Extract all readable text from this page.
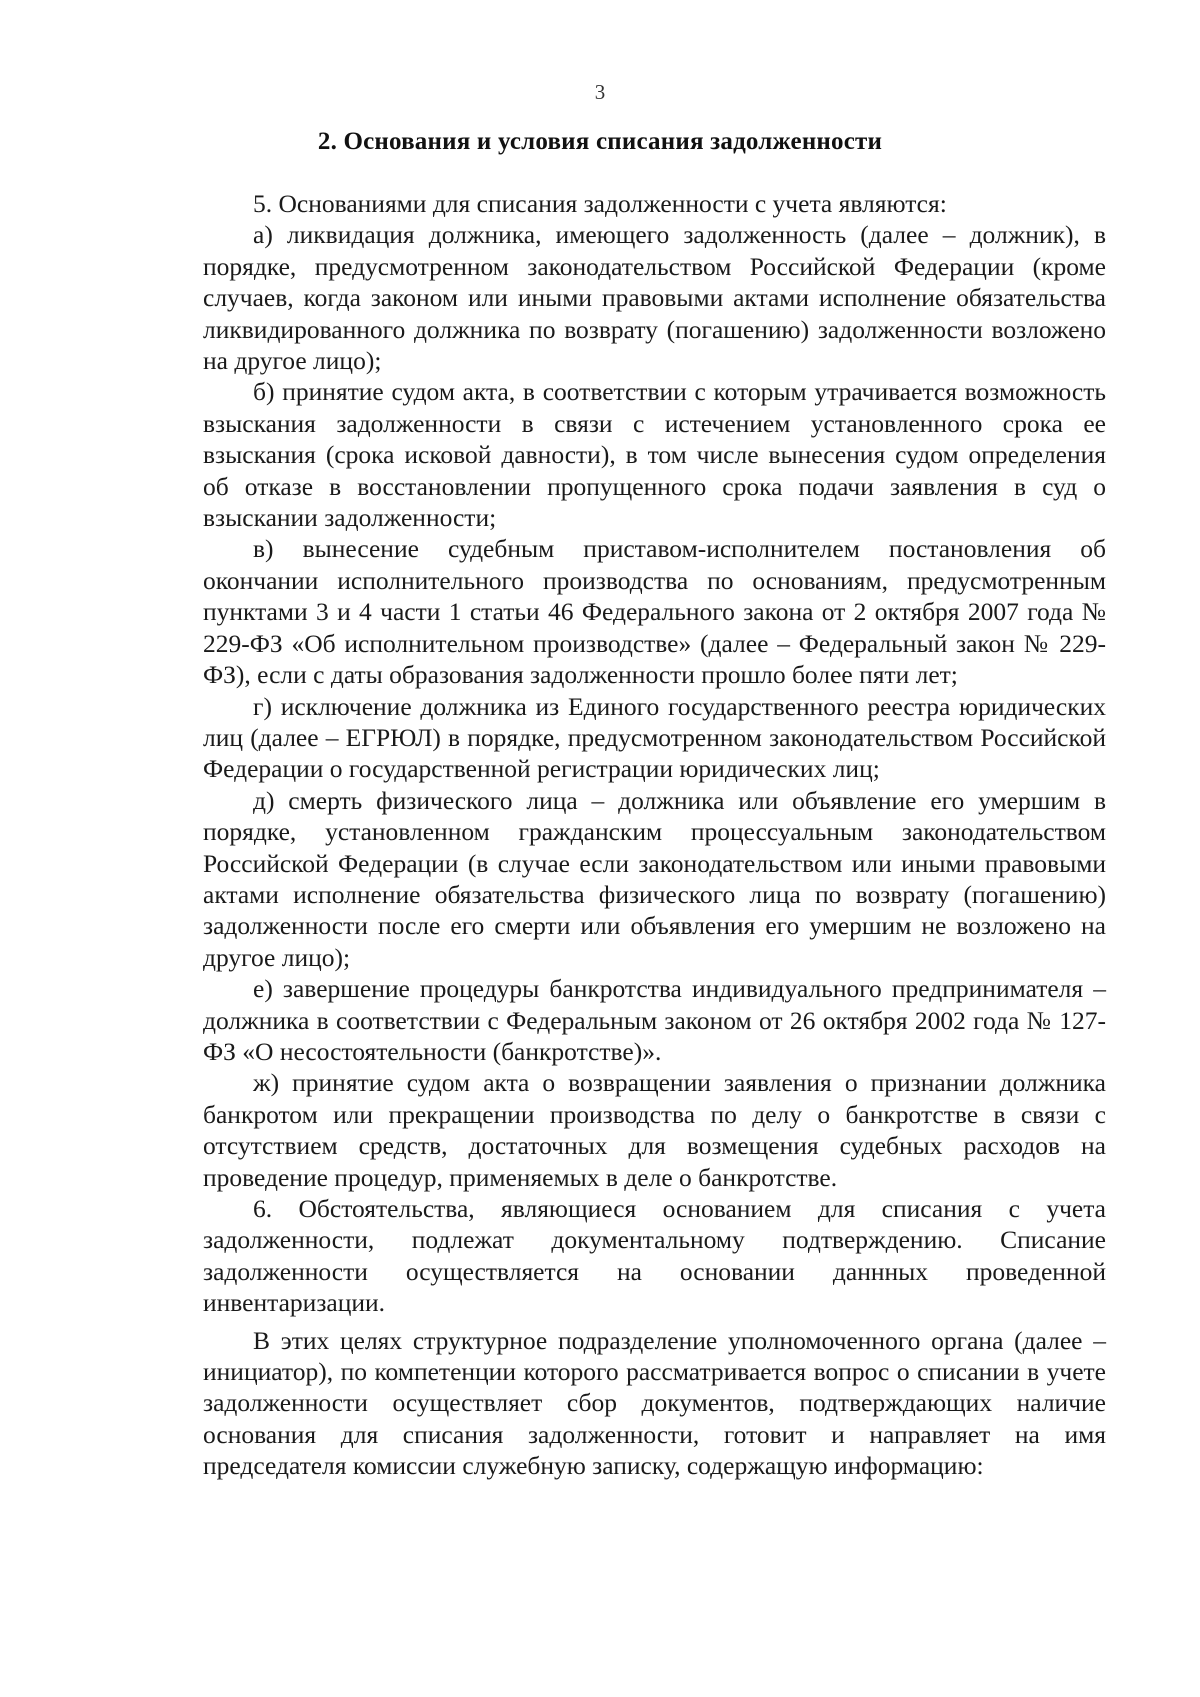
3
2. Основания и условия списания задолженности

5. Основаниями для списания задолженности с учета являются:

а) ликвидация должника, имеющего задолженность (далее – должник), в порядке, предусмотренном законодательством Российской Федерации (кроме случаев, когда законом или иными правовыми актами исполнение обязательства ликвидированного должника по возврату (погашению) задолженности возложено на другое лицо);

б) принятие судом акта, в соответствии с которым утрачивается возможность взыскания задолженности в связи с истечением установленного срока ее взыскания (срока исковой давности), в том числе вынесения судом определения об отказе в восстановлении пропущенного срока подачи заявления в суд о взыскании задолженности;

в) вынесение судебным приставом-исполнителем постановления об окончании исполнительного производства по основаниям, предусмотренным пунктами 3 и 4 части 1 статьи 46 Федерального закона от 2 октября 2007 года № 229-ФЗ «Об исполнительном производстве» (далее – Федеральный закон № 229-ФЗ), если с даты образования задолженности прошло более пяти лет;

г) исключение должника из Единого государственного реестра юридических лиц (далее – ЕГРЮЛ) в порядке, предусмотренном законодательством Российской Федерации о государственной регистрации юридических лиц;

д) смерть физического лица – должника или объявление его умершим в порядке, установленном гражданским процессуальным законодательством Российской Федерации (в случае если законодательством или иными правовыми актами исполнение обязательства физического лица по возврату (погашению) задолженности после его смерти или объявления его умершим не возложено на другое лицо);

е) завершение процедуры банкротства индивидуального предпринимателя – должника в соответствии с Федеральным законом от 26 октября 2002 года № 127-ФЗ «О несостоятельности (банкротстве)».

ж) принятие судом акта о возвращении заявления о признании должника банкротом или прекращении производства по делу о банкротстве в связи с отсутствием средств, достаточных для возмещения судебных расходов на проведение процедур, применяемых в деле о банкротстве.

6. Обстоятельства, являющиеся основанием для списания с учета задолженности, подлежат документальному подтверждению. Списание задолженности осуществляется на основании даннных проведенной инвентаризации.

В этих целях структурное подразделение уполномоченного органа (далее – инициатор), по компетенции которого рассматривается вопрос о списании в учете задолженности осуществляет сбор документов, подтверждающих наличие основания для списания задолженности, готовит и направляет на имя председателя комиссии служебную записку, содержащую информацию:
